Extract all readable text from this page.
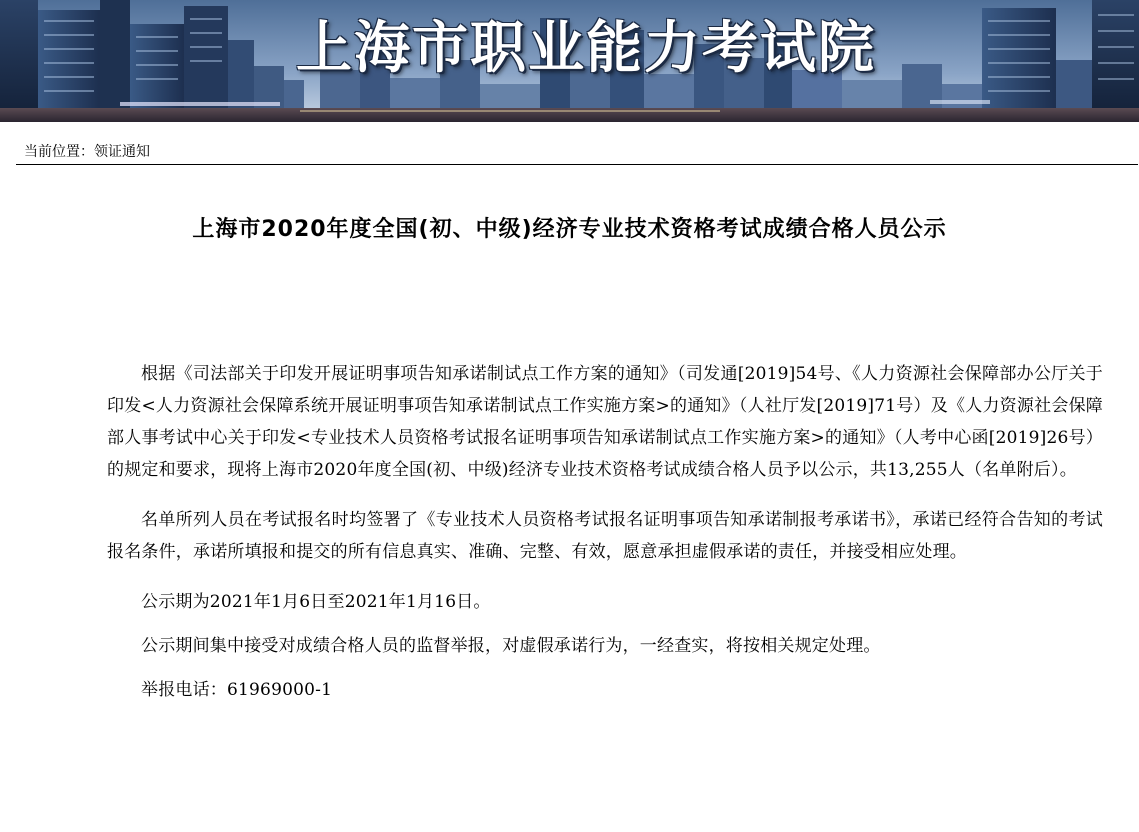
上海市职业能力考试院
当前位置：领证通知
上海市2020年度全国(初、中级)经济专业技术资格考试成绩合格人员公示

根据《司法部关于印发开展证明事项告知承诺制试点工作方案的通知》（司发通[2019]54号、《人力资源社会保障部办公厅关于印发<人力资源社会保障系统开展证明事项告知承诺制试点工作实施方案>的通知》（人社厅发[2019]71号）及《人力资源社会保障部人事考试中心关于印发<专业技术人员资格考试报名证明事项告知承诺制试点工作实施方案>的通知》（人考中心函[2019]26号）的规定和要求，现将上海市2020年度全国(初、中级)经济专业技术资格考试成绩合格人员予以公示，共13,255人（名单附后）。

名单所列人员在考试报名时均签署了《专业技术人员资格考试报名证明事项告知承诺制报考承诺书》，承诺已经符合告知的考试报名条件，承诺所填报和提交的所有信息真实、准确、完整、有效，愿意承担虚假承诺的责任，并接受相应处理。

公示期为2021年1月6日至2021年1月16日。

公示期间集中接受对成绩合格人员的监督举报，对虚假承诺行为，一经查实，将按相关规定处理。

举报电话：61969000-1
